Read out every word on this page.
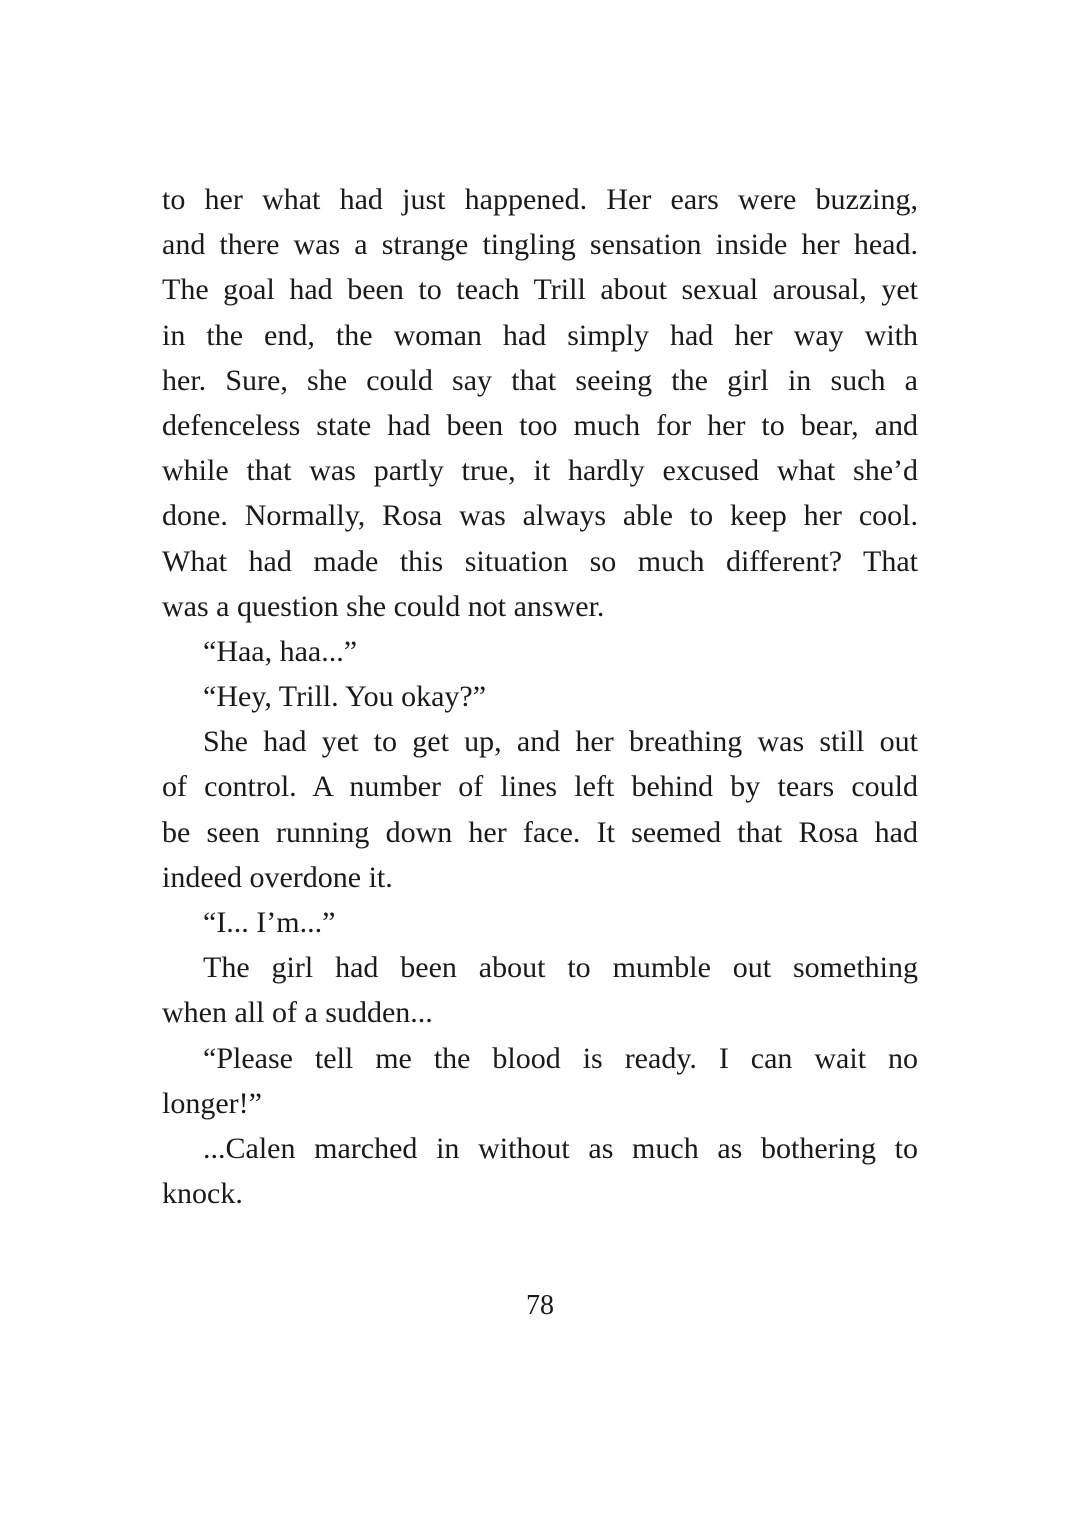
to her what had just happened. Her ears were buzzing,
and there was a strange tingling sensation inside her head.
The goal had been to teach Trill about sexual arousal, yet
in the end, the woman had simply had her way with
her. Sure, she could say that seeing the girl in such a
defenceless state had been too much for her to bear, and
while that was partly true, it hardly excused what she’d
done. Normally, Rosa was always able to keep her cool.
What had made this situation so much different? That
was a question she could not answer.
“Haa, haa...”
“Hey, Trill. You okay?”
She had yet to get up, and her breathing was still out
of control. A number of lines left behind by tears could
be seen running down her face. It seemed that Rosa had
indeed overdone it.
“I... I’m...”
The girl had been about to mumble out something
when all of a sudden...
“Please tell me the blood is ready. I can wait no
longer!”
...Calen marched in without as much as bothering to
knock.
78
